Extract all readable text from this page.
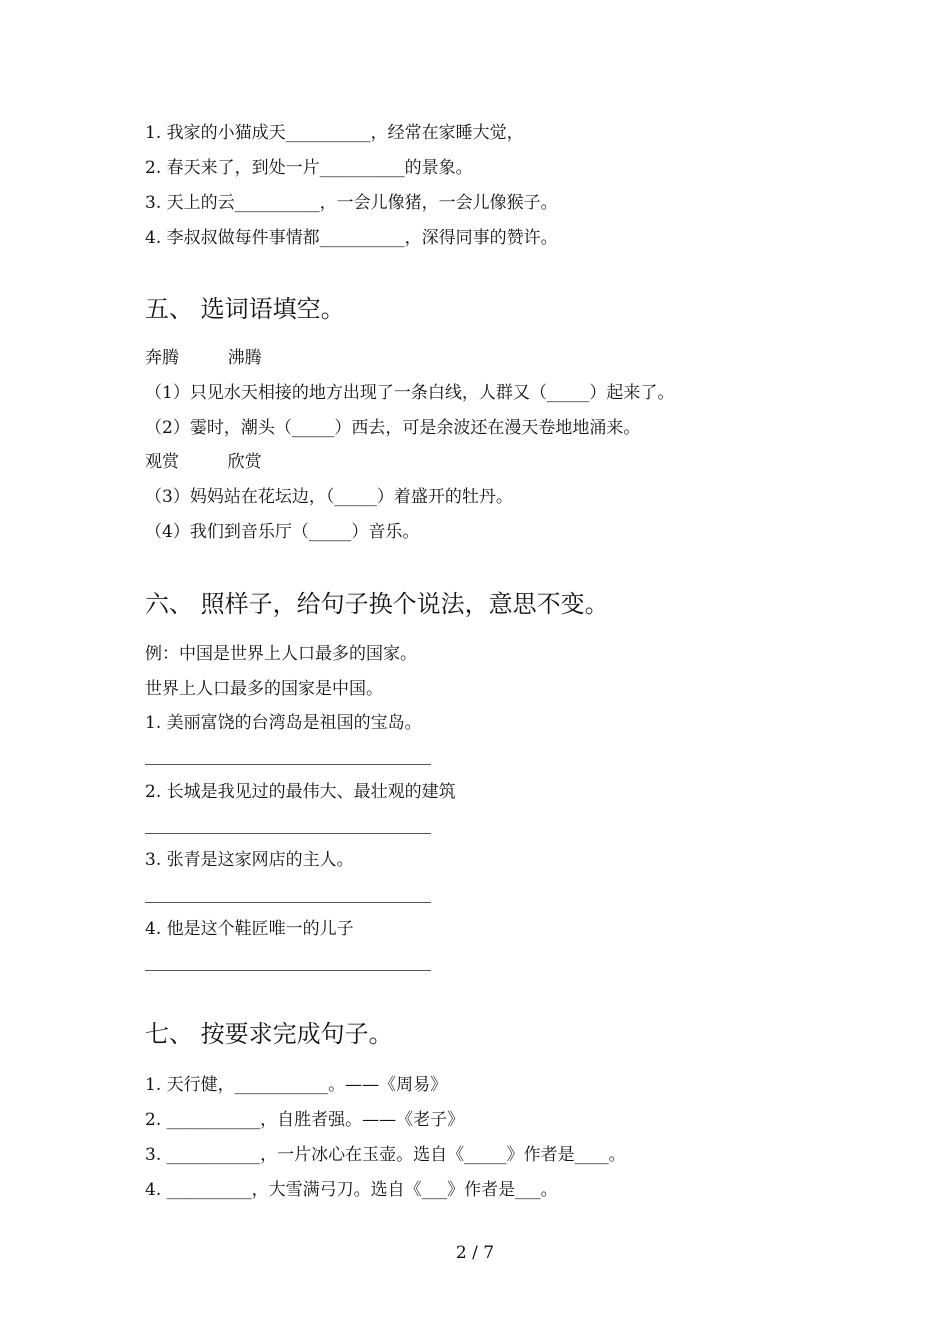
1. 我家的小猫成天__________，经常在家睡大觉，
2. 春天来了，到处一片__________的景象。
3. 天上的云__________，一会儿像猪，一会儿像猴子。
4. 李叔叔做每件事情都__________，深得同事的赞许。
五、 选词语填空。
奔腾         沸腾
（1）只见水天相接的地方出现了一条白线，人群又（_____）起来了。
（2）霎时，潮头（_____）西去，可是余波还在漫天卷地地涌来。
观赏         欣赏
（3）妈妈站在花坛边，（_____）着盛开的牡丹。
（4）我们到音乐厅（_____）音乐。
六、 照样子，给句子换个说法，意思不变。
例：中国是世界上人口最多的国家。
世界上人口最多的国家是中国。
1. 美丽富饶的台湾岛是祖国的宝岛。
2. 长城是我见过的最伟大、最壮观的建筑
3. 张青是这家网店的主人。
4. 他是这个鞋匠唯一的儿子
七、 按要求完成句子。
1. 天行健，___________。——《周易》
2. ___________，自胜者强。——《老子》
3. ___________，一片冰心在玉壶。选自《_____》作者是____。
4. __________，大雪满弓刀。选自《___》作者是___。
2 / 7
